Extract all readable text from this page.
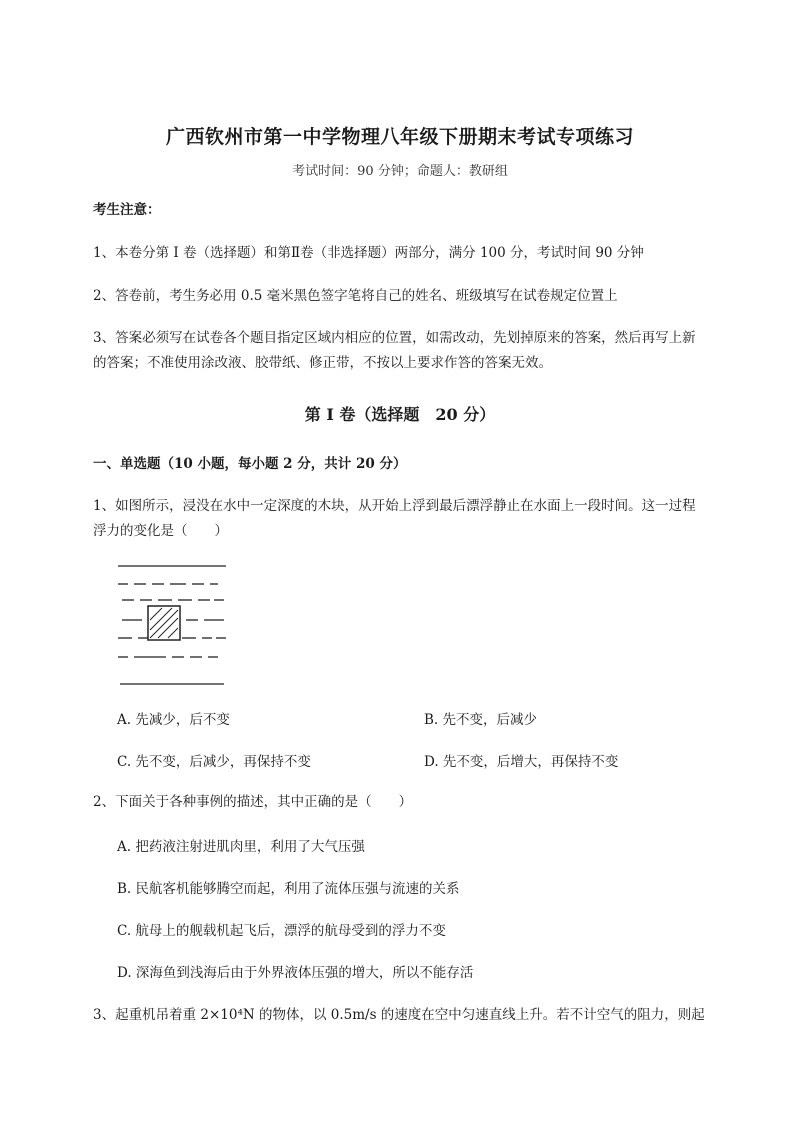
广西钦州市第一中学物理八年级下册期末考试专项练习
考试时间：90 分钟；命题人：教研组
考生注意：
1、本卷分第 I 卷（选择题）和第Ⅱ卷（非选择题）两部分，满分 100 分，考试时间 90 分钟
2、答卷前，考生务必用 0.5 毫米黑色签字笔将自己的姓名、班级填写在试卷规定位置上
3、答案必须写在试卷各个题目指定区域内相应的位置，如需改动，先划掉原来的答案，然后再写上新
的答案；不准使用涂改液、胶带纸、修正带，不按以上要求作答的答案无效。
第 I 卷（选择题　20 分）
一、单选题（10 小题，每小题 2 分，共计 20 分）
1、如图所示，浸没在水中一定深度的木块，从开始上浮到最后漂浮静止在水面上一段时间。这一过程
浮力的变化是（　　）
A. 先减少，后不变	B. 先不变，后减少
C. 先不变，后减少，再保持不变	D. 先不变，后增大，再保持不变
2、下面关于各种事例的描述，其中正确的是（　　）
A. 把药液注射进肌肉里，利用了大气压强
B. 民航客机能够腾空而起，利用了流体压强与流速的关系
C. 航母上的舰载机起飞后，漂浮的航母受到的浮力不变
D. 深海鱼到浅海后由于外界液体压强的增大，所以不能存活
3、起重机吊着重 2×10⁴N 的物体，以 0.5m/s 的速度在空中匀速直线上升。若不计空气的阻力，则起
